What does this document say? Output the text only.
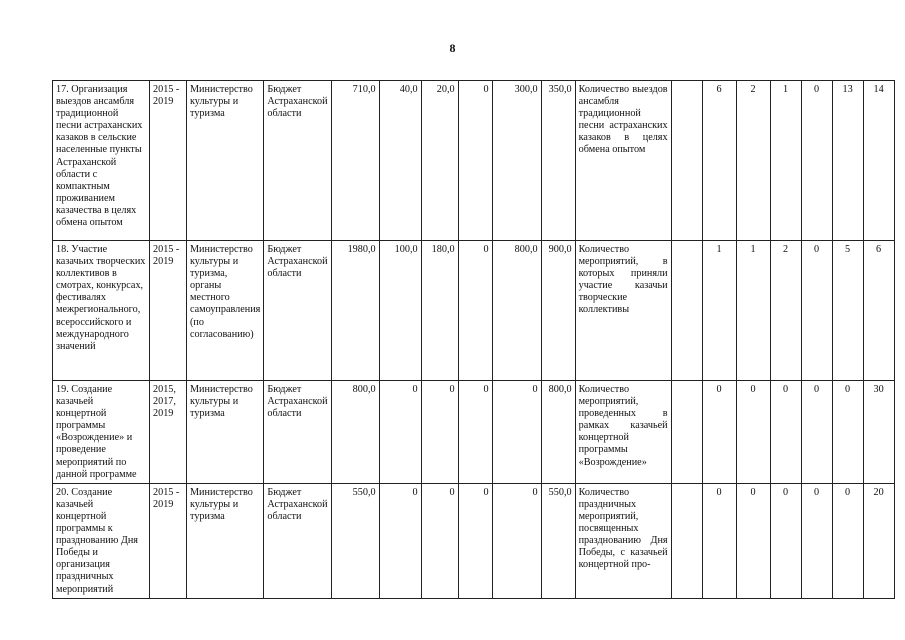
8
17. Организация выездов ансамбля традиционной песни астраханских казаков в сельские населенные пункты Астраханской области с компактным проживанием казачества в целях обмена опытом	2015 - 2019	Министерство культуры и туризма	Бюджет Астраханской области	710,0	40,0	20,0	0	300,0	350,0	Количество выездов ансамбля традиционной песни астраханских казаков в целях обмена опытом		6	2	1	0	13	14
18. Участие казачьих творческих коллективов в смотрах, конкурсах, фестивалях межрегионального, всероссийского и международного значений	2015 - 2019	Министерство культуры и туризма, органы местного самоуправления (по согласованию)	Бюджет Астраханской области	1980,0	100,0	180,0	0	800,0	900,0	Количество мероприятий, в которых приняли участие казачьи творческие коллективы		1	1	2	0	5	6
19. Создание казачьей концертной программы «Возрождение» и проведение мероприятий по данной программе	2015, 2017, 2019	Министерство культуры и туризма	Бюджет Астраханской области	800,0	0	0	0	0	800,0	Количество мероприятий, проведенных в рамках казачьей концертной программы «Возрождение»		0	0	0	0	0	30
20. Создание казачьей концертной программы к празднованию Дня Победы и организация праздничных мероприятий	2015 - 2019	Министерство культуры и туризма	Бюджет Астраханской области	550,0	0	0	0	0	550,0	Количество праздничных мероприятий, посвященных празднованию Дня Победы, с казачьей концертной про-		0	0	0	0	0	20
